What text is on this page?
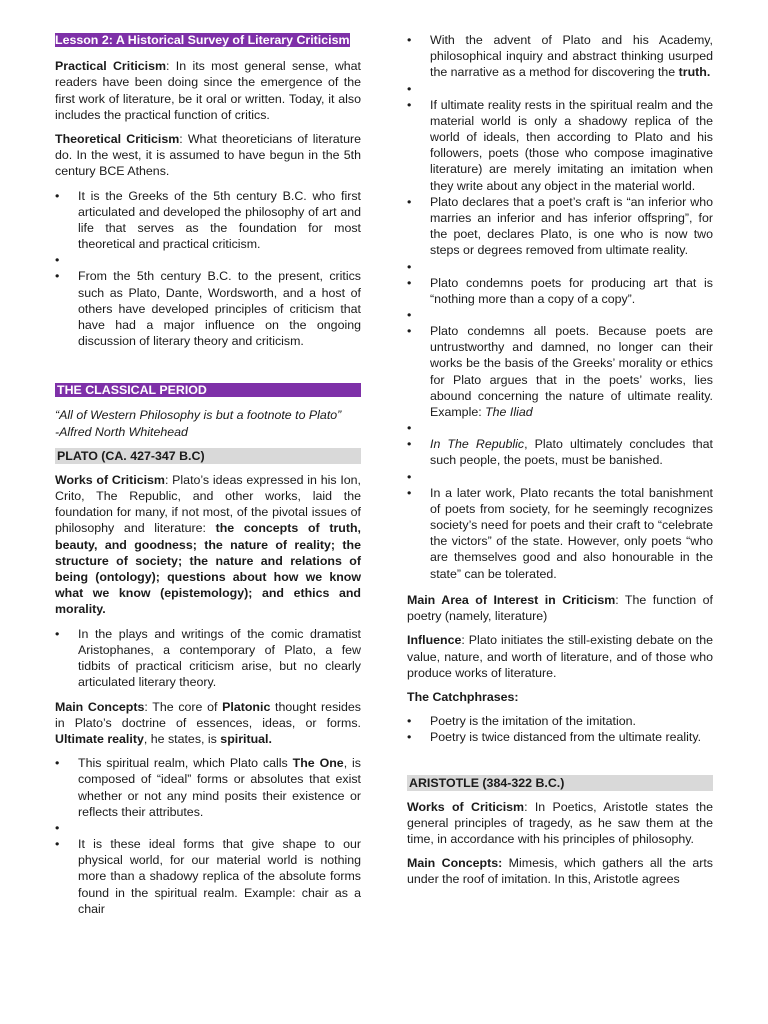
Lesson 2: A Historical Survey of Literary Criticism

Practical Criticism: In its most general sense, what readers have been doing since the emergence of the first work of literature, be it oral or written. Today, it also includes the practical function of critics.

Theoretical Criticism: What theoreticians of literature do. In the west, it is assumed to have begun in the 5th century BCE Athens.

• It is the Greeks of the 5th century B.C. who first articulated and developed the philosophy of art and life that serves as the foundation for most theoretical and practical criticism.
•
• From the 5th century B.C. to the present, critics such as Plato, Dante, Wordsworth, and a host of others have developed principles of criticism that have had a major influence on the ongoing discussion of literary theory and criticism.
THE CLASSICAL PERIOD

“All of Western Philosophy is but a footnote to Plato”
-Alfred North Whitehead

PLATO (CA. 427-347 B.C)

Works of Criticism: Plato’s ideas expressed in his Ion, Crito, The Republic, and other works, laid the foundation for many, if not most, of the pivotal issues of philosophy and literature: the concepts of truth, beauty, and goodness; the nature of reality; the structure of society; the nature and relations of being (ontology); questions about how we know what we know (epistemology); and ethics and morality.

• In the plays and writings of the comic dramatist Aristophanes, a contemporary of Plato, a few tidbits of practical criticism arise, but no clearly articulated literary theory.

Main Concepts: The core of Platonic thought resides in Plato’s doctrine of essences, ideas, or forms. Ultimate reality, he states, is spiritual.

• This spiritual realm, which Plato calls The One, is composed of “ideal” forms or absolutes that exist whether or not any mind posits their existence or reflects their attributes.
•
• It is these ideal forms that give shape to our physical world, for our material world is nothing more than a shadowy replica of the absolute forms found in the spiritual realm. Example: chair as a chair
• With the advent of Plato and his Academy, philosophical inquiry and abstract thinking usurped the narrative as a method for discovering the truth.
•
• If ultimate reality rests in the spiritual realm and the material world is only a shadowy replica of the world of ideals, then according to Plato and his followers, poets (those who compose imaginative literature) are merely imitating an imitation when they write about any object in the material world.
• Plato declares that a poet’s craft is “an inferior who marries an inferior and has inferior offspring”, for the poet, declares Plato, is one who is now two steps or degrees removed from ultimate reality.
•
• Plato condemns poets for producing art that is “nothing more than a copy of a copy”.
•
• Plato condemns all poets. Because poets are untrustworthy and damned, no longer can their works be the basis of the Greeks’ morality or ethics for Plato argues that in the poets’ works, lies abound concerning the nature of ultimate reality. Example: The Iliad
•
• In The Republic, Plato ultimately concludes that such people, the poets, must be banished.
•
• In a later work, Plato recants the total banishment of poets from society, for he seemingly recognizes society’s need for poets and their craft to “celebrate the victors” of the state. However, only poets “who are themselves good and also honourable in the state” can be tolerated.

Main Area of Interest in Criticism: The function of poetry (namely, literature)

Influence: Plato initiates the still-existing debate on the value, nature, and worth of literature, and of those who produce works of literature.

The Catchphrases:

• Poetry is the imitation of the imitation.
• Poetry is twice distanced from the ultimate reality.
ARISTOTLE (384-322 B.C.)

Works of Criticism: In Poetics, Aristotle states the general principles of tragedy, as he saw them at the time, in accordance with his principles of philosophy.

Main Concepts: Mimesis, which gathers all the arts under the roof of imitation. In this, Aristotle agrees
